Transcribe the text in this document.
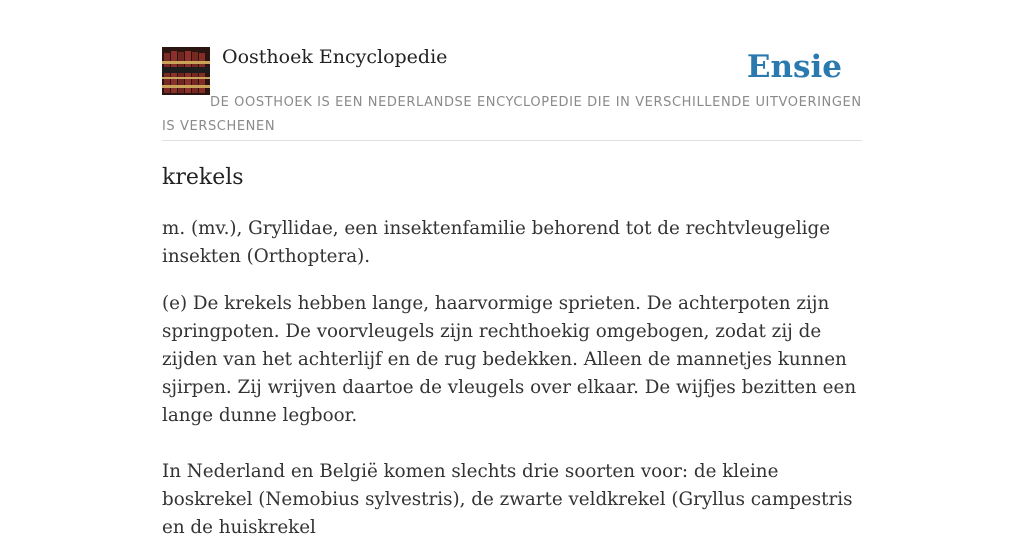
Oosthoek Encyclopedie	Ensie
DE OOSTHOEK IS EEN NEDERLANDSE ENCYCLOPEDIE DIE IN VERSCHILLENDE UITVOERINGEN IS VERSCHENEN
krekels

m. (mv.), Gryllidae, een insektenfamilie behorend tot de rechtvleugelige insekten (Orthoptera).

(e) De krekels hebben lange, haarvormige sprieten. De achterpoten zijn springpoten. De voorvleugels zijn rechthoekig omgebogen, zodat zij de zijden van het achterlijf en de rug bedekken. Alleen de mannetjes kunnen sjirpen. Zij wrijven daartoe de vleugels over elkaar. De wijfjes bezitten een lange dunne legboor.

In Nederland en België komen slechts drie soorten voor: de kleine boskrekel (Nemobius sylvestris), de zwarte veldkrekel (Gryllus campestris en de huiskrekel
